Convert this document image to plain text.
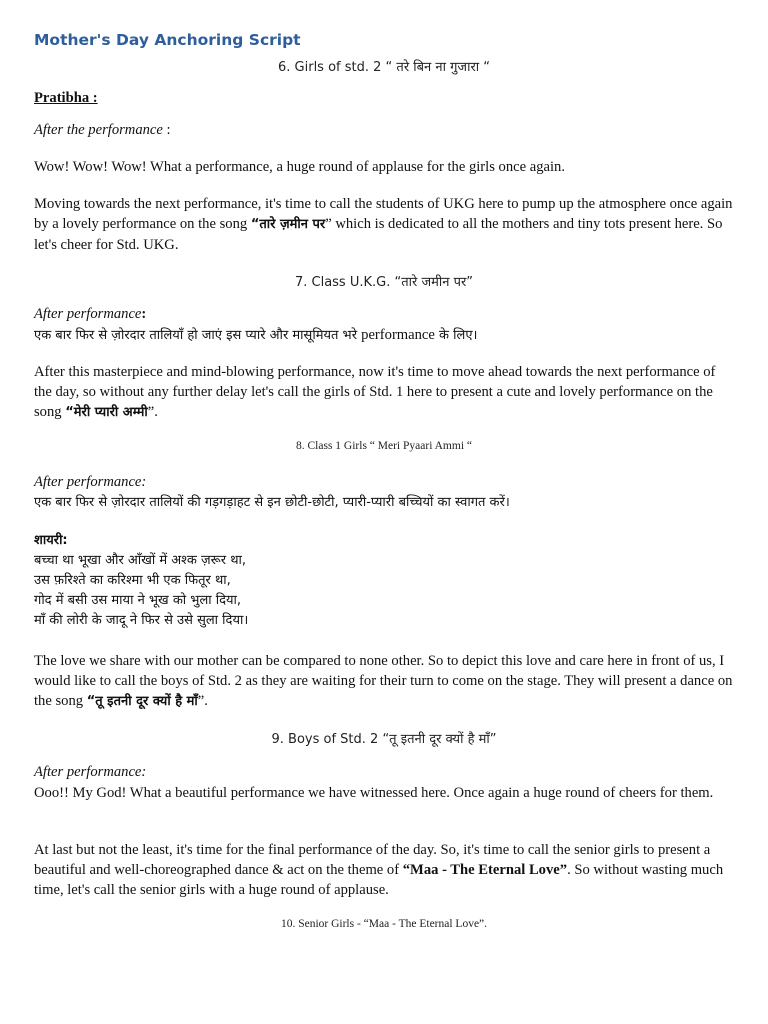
Mother's Day Anchoring Script
6. Girls of std. 2 “ तरे बिन ना गुजारा “
Pratibha :
After the performance :
Wow! Wow! Wow! What a performance, a huge round of applause for the girls once again.
Moving towards the next performance, it's time to call the students of UKG here to pump up the atmosphere once again by a lovely performance on the song “तारे ज़मीन पर” which is dedicated to all the mothers and tiny tots present here. So let's cheer for Std. UKG.
7. Class U.K.G. “तारे जमीन पर”
After performance:
एक बार फिर से ज़ोरदार तालियाँ हो जाएं इस प्यारे और मासूमियत भरे performance के लिए।
After this masterpiece and mind-blowing performance, now it's time to move ahead towards the next performance of the day, so without any further delay let's call the girls of Std. 1 here to present a cute and lovely performance on the song “मेरी प्यारी अम्मी”.
8. Class 1 Girls “ Meri Pyaari Ammi “
After performance:
एक बार फिर से ज़ोरदार तालियों की गड़गड़ाहट से इन छोटी-छोटी, प्यारी-प्यारी बच्चियों का स्वागत करें।
शायरी:
बच्चा था भूखा और आँखों में अश्क ज़रूर था,
उस फ़रिश्ते का करिश्मा भी एक फितूर था,
गोद में बसी उस माया ने भूख को भुला दिया,
माँ की लोरी के जादू ने फिर से उसे सुला दिया।
The love we share with our mother can be compared to none other. So to depict this love and care here in front of us, I would like to call the boys of Std. 2 as they are waiting for their turn to come on the stage. They will present a dance on the song “तू इतनी दूर क्यों है माँ”.
9. Boys of Std. 2 “तू इतनी दूर क्यों है माँ”
After performance:
Ooo!! My God! What a beautiful performance we have witnessed here. Once again a huge round of cheers for them.
At last but not the least, it's time for the final performance of the day. So, it's time to call the senior girls to present a beautiful and well-choreographed dance & act on the theme of “Maa - The Eternal Love”. So without wasting much time, let's call the senior girls with a huge round of applause.
10. Senior Girls - “Maa - The Eternal Love”.
